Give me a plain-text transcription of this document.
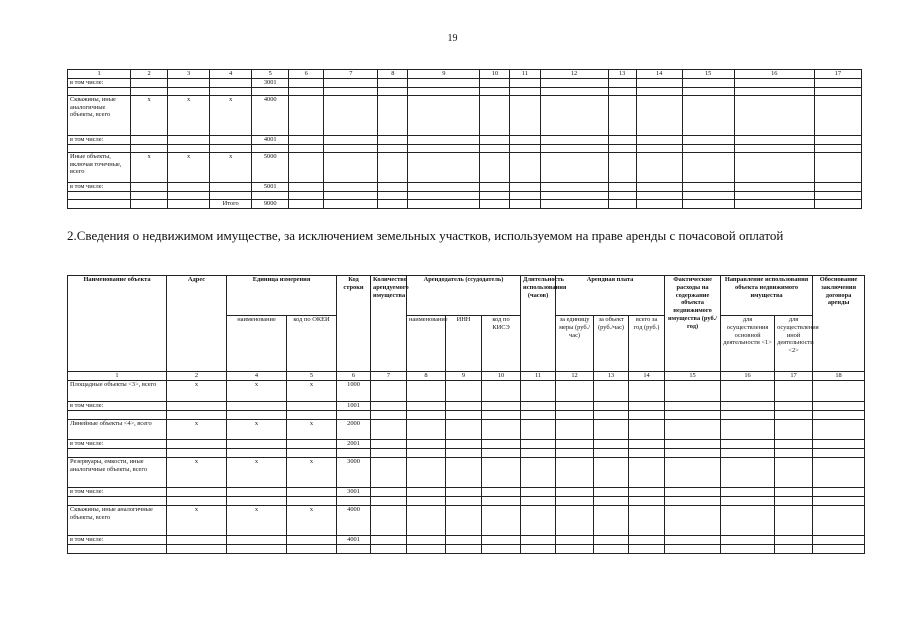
19
1	2	3	4	5	6	7	8	9	10	11	12	13	14	15	16	17
в том числе:				3001												

Скважины, иные аналогичные объекты, всего	x	x	x	4000												
в том числе:				4001												

Иные объекты, включая точечные, всего	x	x	x	5000												
в том числе:				5001												

			Итого	9000												
2.Сведения о недвижимом имуществе, за исключением земельных участков, используемом на праве аренды с почасовой оплатой
Наименование объекта	Адрес	Единица измерения		Код строки	Количество арендуемого имущества	Арендодатель (ссудодатель)			Длительность использования (часов)	Арендная плата			Фактические расходы на содержание объекта недвижимого имущества (руб./год)	Направление использования объекта недвижимого имущества		Обоснование заключения договора аренды
		наименование	код по ОКЕИ			наименование	ИНН	код по КИСЭ		за единицу меры (руб./час)	за объект (руб./час)	всего за год (руб.)		для осуществления основной деятельности <1>	для осуществления иной деятельности <2>	
1	2	4	5	6	7	8	9	10	11	12	13	14	15	16	17	18
Площадные объекты <3>, всего	x	x	x	1000												
в том числе:				1001												

Линейные объекты <4>, всего	x	x	x	2000												
в том числе:				2001												

Резервуары, емкости, иные аналогичные объекты, всего	x	x	x	3000												
в том числе:				3001												

Скважины, иные аналогичные объекты, всего	x	x	x	4000												
в том числе:				4001												
